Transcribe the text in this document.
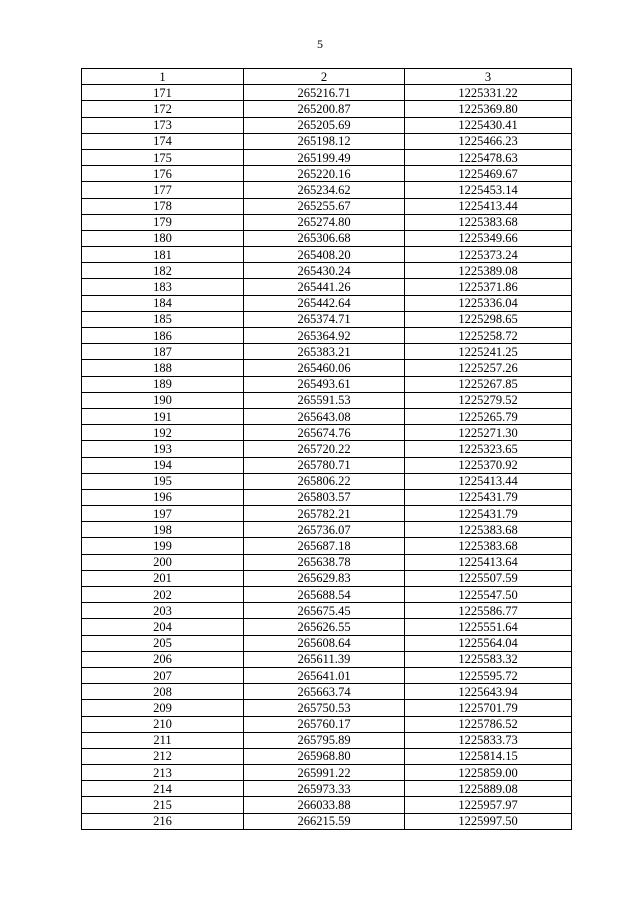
5
1	2	3
171	265216.71	1225331.22
172	265200.87	1225369.80
173	265205.69	1225430.41
174	265198.12	1225466.23
175	265199.49	1225478.63
176	265220.16	1225469.67
177	265234.62	1225453.14
178	265255.67	1225413.44
179	265274.80	1225383.68
180	265306.68	1225349.66
181	265408.20	1225373.24
182	265430.24	1225389.08
183	265441.26	1225371.86
184	265442.64	1225336.04
185	265374.71	1225298.65
186	265364.92	1225258.72
187	265383.21	1225241.25
188	265460.06	1225257.26
189	265493.61	1225267.85
190	265591.53	1225279.52
191	265643.08	1225265.79
192	265674.76	1225271.30
193	265720.22	1225323.65
194	265780.71	1225370.92
195	265806.22	1225413.44
196	265803.57	1225431.79
197	265782.21	1225431.79
198	265736.07	1225383.68
199	265687.18	1225383.68
200	265638.78	1225413.64
201	265629.83	1225507.59
202	265688.54	1225547.50
203	265675.45	1225586.77
204	265626.55	1225551.64
205	265608.64	1225564.04
206	265611.39	1225583.32
207	265641.01	1225595.72
208	265663.74	1225643.94
209	265750.53	1225701.79
210	265760.17	1225786.52
211	265795.89	1225833.73
212	265968.80	1225814.15
213	265991.22	1225859.00
214	265973.33	1225889.08
215	266033.88	1225957.97
216	266215.59	1225997.50
